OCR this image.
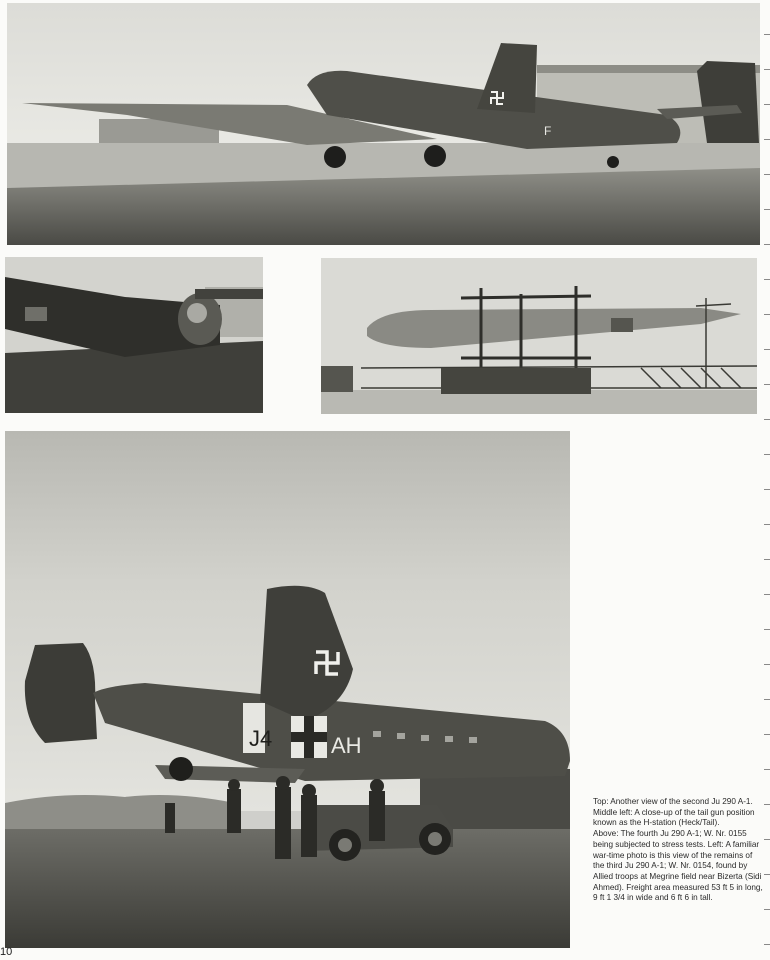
F
J4	AH

Top: Another view of the second Ju 290 A-1. Middle left: A close-up of the tail gun position known as the H-station (Heck/Tail).

Above: The fourth Ju 290 A-1; W. Nr. 0155 being subjected to stress tests. Left: A familiar war-time photo is this view of the remains of the third Ju 290 A-1; W. Nr. 0154, found by Allied troops at Megrine field near Bizerta (Sidi Ahmed). Freight area measured 53 ft 5 in long, 9 ft 1 3/4 in wide and 6 ft 6 in tall.

10
